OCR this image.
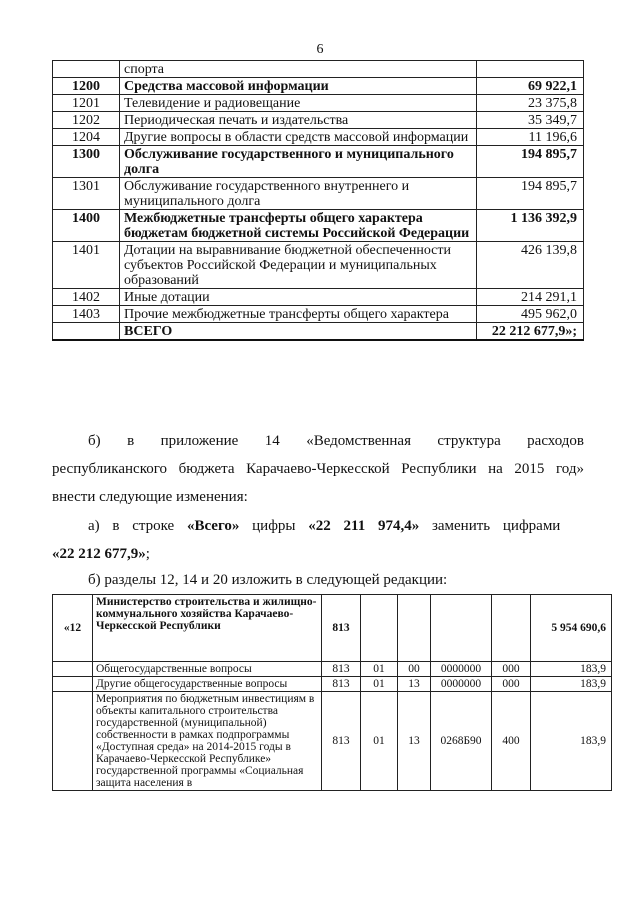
6
	спорта	
1200	Средства массовой информации	69 922,1
1201	Телевидение и радиовещание	23 375,8
1202	Периодическая печать и издательства	35 349,7
1204	Другие вопросы в области средств массовой информации	11 196,6
1300	Обслуживание государственного и муниципального долга	194 895,7
1301	Обслуживание государственного внутреннего и муниципального долга	194 895,7
1400	Межбюджетные трансферты общего характера бюджетам бюджетной системы Российской Федерации	1 136 392,9
1401	Дотации на выравнивание бюджетной обеспеченности субъектов Российской Федерации и муниципальных образований	426 139,8
1402	Иные дотации	214 291,1
1403	Прочие межбюджетные трансферты общего характера	495 962,0
	ВСЕГО	22 212 677,9»;
б) в приложение 14 «Ведомственная структура расходов
республиканского бюджета Карачаево-Черкесской Республики на 2015 год»
внести следующие изменения:
а) в строке «Всего» цифры «22 211 974,4» заменить цифрами
«22 212 677,9»;
б) разделы 12, 14 и 20 изложить в следующей редакции:
«12	Министерство строительства и жилищно-коммунального хозяйства Карачаево-Черкесской Республики	813					5 954 690,6
	Общегосударственные вопросы	813	01	00	0000000	000	183,9
	Другие общегосударственные вопросы	813	01	13	0000000	000	183,9
	Мероприятия по бюджетным инвестициям в объекты капитального строительства государственной (муниципальной) собственности в рамках подпрограммы «Доступная среда» на 2014-2015 годы в Карачаево-Черкесской Республике» государственной программы «Социальная защита населения в	813	01	13	0268Б90	400	183,9
